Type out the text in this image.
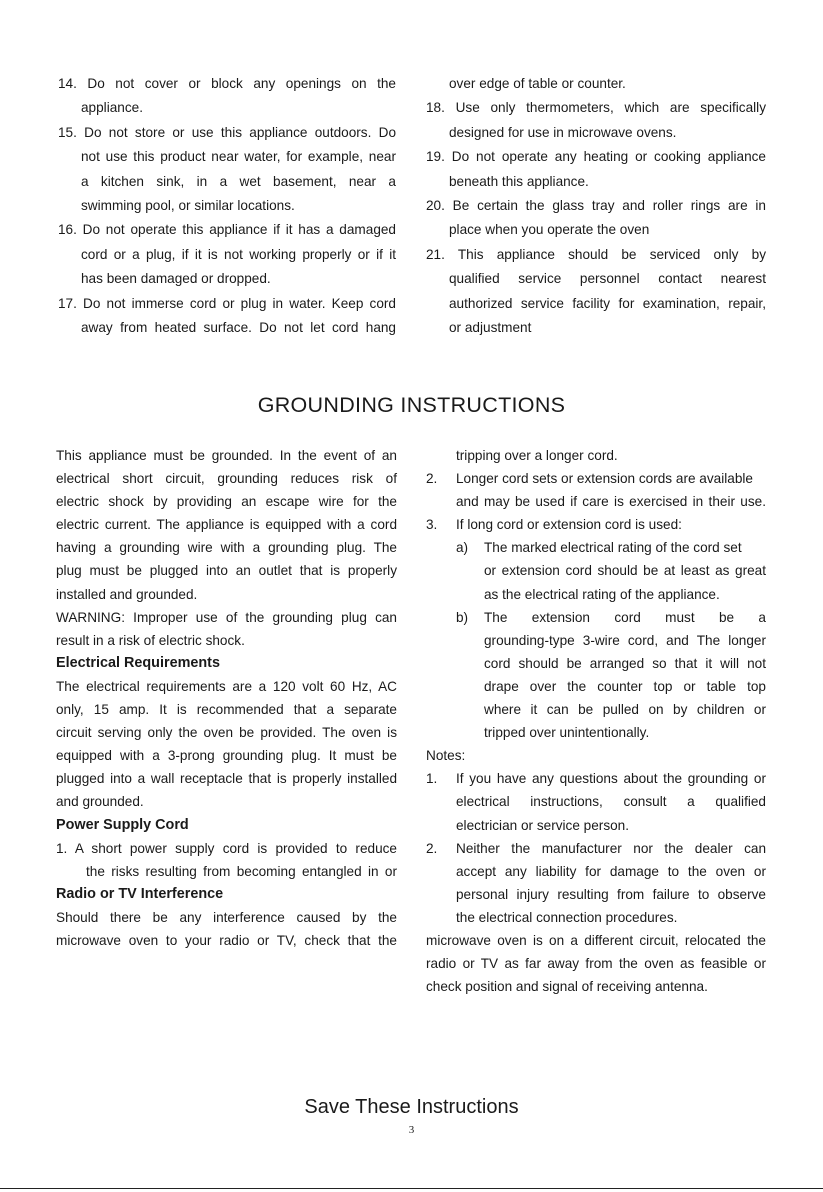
14. Do not cover or block any openings on the

appliance.

15. Do not store or use this appliance outdoors. Do

not use this product near water, for example, near

a kitchen sink, in a wet basement, near a

swimming pool, or similar locations.

16. Do not operate this appliance if it has a damaged

cord or a plug, if it is not working properly or if it

has been damaged or dropped.

17. Do not immerse cord or plug in water. Keep cord

away from heated surface. Do not let cord hang

over edge of table or counter.

18. Use only thermometers, which are specifically

designed for use in microwave ovens.

19. Do not operate any heating or cooking appliance

beneath this appliance.

20. Be certain the glass tray and roller rings are in

place when you operate the oven

21. This appliance should be serviced only by

qualified service personnel contact nearest

authorized service facility for examination, repair,

or adjustment

GROUNDING INSTRUCTIONS

This appliance must be grounded. In the event of an

electrical short circuit, grounding reduces risk of

electric shock by providing an escape wire for the

electric current. The appliance is equipped with a cord

having a grounding wire with a grounding plug. The

plug must be plugged into an outlet that is properly

installed and grounded.

WARNING: Improper use of the grounding plug can

result in a risk of electric shock.

Electrical Requirements

The electrical requirements are a 120 volt 60 Hz, AC

only, 15 amp. It is recommended that a separate

circuit serving only the oven be provided. The oven is

equipped with a 3-prong grounding plug. It must be

plugged into a wall receptacle that is properly installed

and grounded.

Power Supply Cord

1. A short power supply cord is provided to reduce

the risks resulting from becoming entangled in or

Radio or TV Interference

Should there be any interference caused by the

microwave oven to your radio or TV, check that the

tripping over a longer cord.

2. Longer cord sets or extension cords are available

and may be used if care is exercised in their use.

3. If long cord or extension cord is used:

a) The marked electrical rating of the cord set

or extension cord should be at least as great

as the electrical rating of the appliance.

b) The extension cord must be a

grounding-type 3-wire cord, and The longer

cord should be arranged so that it will not

drape over the counter top or table top

where it can be pulled on by children or

tripped over unintentionally.

Notes:

1. If you have any questions about the grounding or

electrical instructions, consult a qualified

electrician or service person.

2. Neither the manufacturer nor the dealer can

accept any liability for damage to the oven or

personal injury resulting from failure to observe

the electrical connection procedures.

microwave oven is on a different circuit, relocated the

radio or TV as far away from the oven as feasible or

check position and signal of receiving antenna.

Save These Instructions
3
